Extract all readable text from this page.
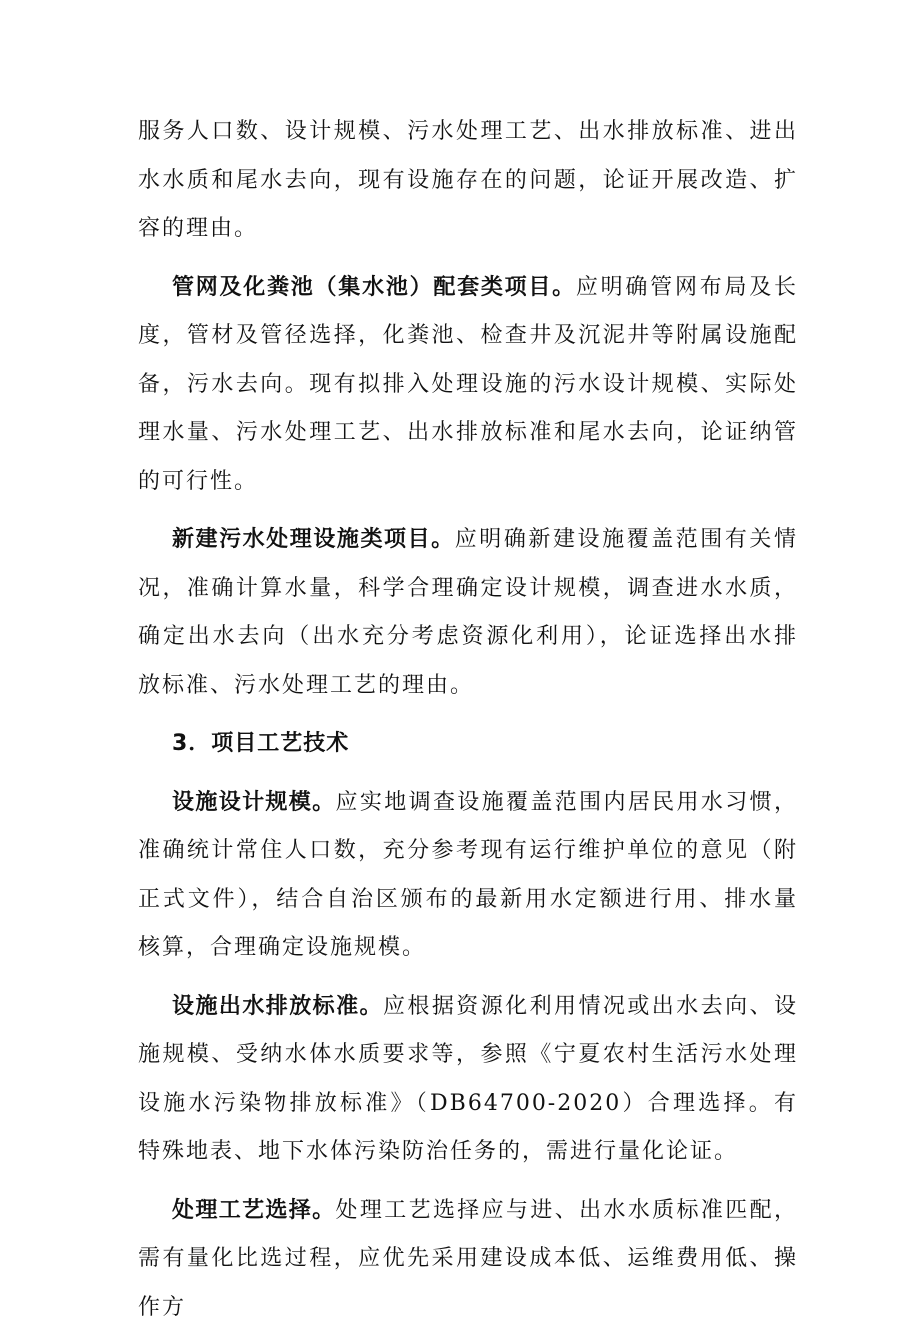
服务人口数、设计规模、污水处理工艺、出水排放标准、进出水水质和尾水去向，现有设施存在的问题，论证开展改造、扩容的理由。

管网及化粪池（集水池）配套类项目。应明确管网布局及长度，管材及管径选择，化粪池、检查井及沉泥井等附属设施配备，污水去向。现有拟排入处理设施的污水设计规模、实际处理水量、污水处理工艺、出水排放标准和尾水去向，论证纳管的可行性。

新建污水处理设施类项目。应明确新建设施覆盖范围有关情况，准确计算水量，科学合理确定设计规模，调查进水水质，确定出水去向（出水充分考虑资源化利用），论证选择出水排放标准、污水处理工艺的理由。

3．项目工艺技术

设施设计规模。应实地调查设施覆盖范围内居民用水习惯，准确统计常住人口数，充分参考现有运行维护单位的意见（附正式文件），结合自治区颁布的最新用水定额进行用、排水量核算，合理确定设施规模。

设施出水排放标准。应根据资源化利用情况或出水去向、设施规模、受纳水体水质要求等，参照《宁夏农村生活污水处理设施水污染物排放标准》（DB64700-2020）合理选择。有特殊地表、地下水体污染防治任务的，需进行量化论证。

处理工艺选择。处理工艺选择应与进、出水水质标准匹配，需有量化比选过程，应优先采用建设成本低、运维费用低、操作方
